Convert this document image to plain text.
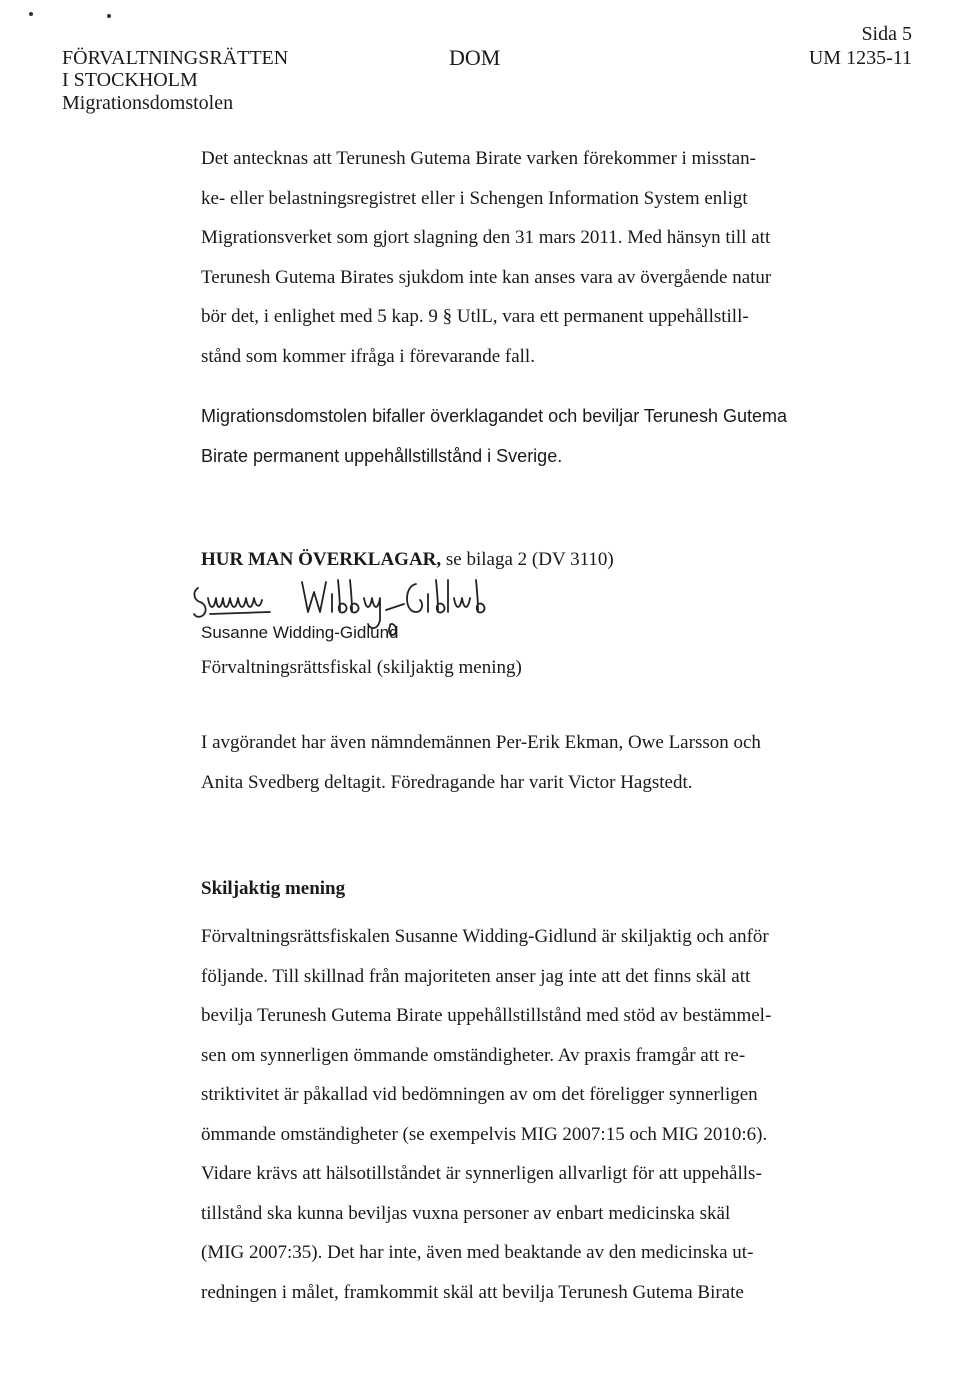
FÖRVALTNINGSRÄTTEN
I STOCKHOLM
Migrationsdomstolen
DOM
Sida 5
UM 1235-11
Det antecknas att Terunesh Gutema Birate varken förekommer i misstan-
ke- eller belastningsregistret eller i Schengen Information System enligt
Migrationsverket som gjort slagning den 31 mars 2011. Med hänsyn till att
Terunesh Gutema Birates sjukdom inte kan anses vara av övergående natur
bör det, i enlighet med 5 kap. 9 § UtlL, vara ett permanent uppehållstill-
stånd som kommer ifråga i förevarande fall.
Migrationsdomstolen bifaller överklagandet och beviljar Terunesh Gutema
Birate permanent uppehållstillstånd i Sverige.
HUR MAN ÖVERKLAGAR, se bilaga 2 (DV 3110)
Susanne Widding-Gidlund
Förvaltningsrättsfiskal (skiljaktig mening)
I avgörandet har även nämndemännen Per-Erik Ekman, Owe Larsson och
Anita Svedberg deltagit. Föredragande har varit Victor Hagstedt.
Skiljaktig mening
Förvaltningsrättsfiskalen Susanne Widding-Gidlund är skiljaktig och anför
följande. Till skillnad från majoriteten anser jag inte att det finns skäl att
bevilja Terunesh Gutema Birate uppehållstillstånd med stöd av bestämmel-
sen om synnerligen ömmande omständigheter. Av praxis framgår att re-
striktivitet är påkallad vid bedömningen av om det föreligger synnerligen
ömmande omständigheter (se exempelvis MIG 2007:15 och MIG 2010:6).
Vidare krävs att hälsotillståndet är synnerligen allvarligt för att uppehålls-
tillstånd ska kunna beviljas vuxna personer av enbart medicinska skäl
(MIG 2007:35). Det har inte, även med beaktande av den medicinska ut-
redningen i målet, framkommit skäl att bevilja Terunesh Gutema Birate
